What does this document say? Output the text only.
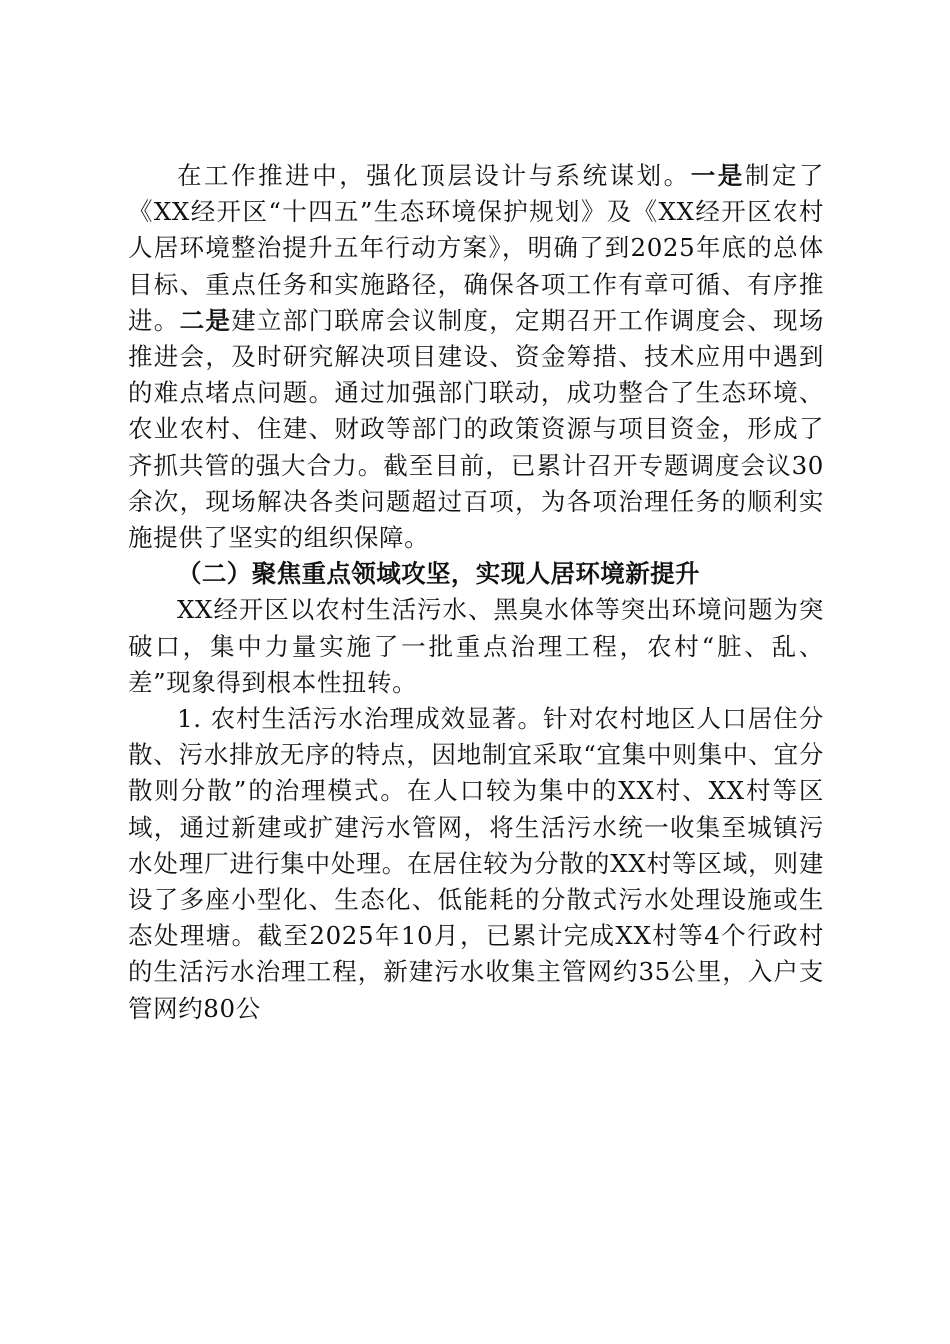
在工作推进中，强化顶层设计与系统谋划。一是制定了《XX经开区“十四五”生态环境保护规划》及《XX经开区农村人居环境整治提升五年行动方案》，明确了到2025年底的总体目标、重点任务和实施路径，确保各项工作有章可循、有序推进。二是建立部门联席会议制度，定期召开工作调度会、现场推进会，及时研究解决项目建设、资金筹措、技术应用中遇到的难点堵点问题。通过加强部门联动，成功整合了生态环境、农业农村、住建、财政等部门的政策资源与项目资金，形成了齐抓共管的强大合力。截至目前，已累计召开专题调度会议30余次，现场解决各类问题超过百项，为各项治理任务的顺利实施提供了坚实的组织保障。

（二）聚焦重点领域攻坚，实现人居环境新提升

XX经开区以农村生活污水、黑臭水体等突出环境问题为突破口，集中力量实施了一批重点治理工程，农村“脏、乱、差”现象得到根本性扭转。

1. 农村生活污水治理成效显著。针对农村地区人口居住分散、污水排放无序的特点，因地制宜采取“宜集中则集中、宜分散则分散”的治理模式。在人口较为集中的XX村、XX村等区域，通过新建或扩建污水管网，将生活污水统一收集至城镇污水处理厂进行集中处理。在居住较为分散的XX村等区域，则建设了多座小型化、生态化、低能耗的分散式污水处理设施或生态处理塘。截至2025年10月，已累计完成XX村等4个行政村的生活污水治理工程，新建污水收集主管网约35公里，入户支管网约80公
